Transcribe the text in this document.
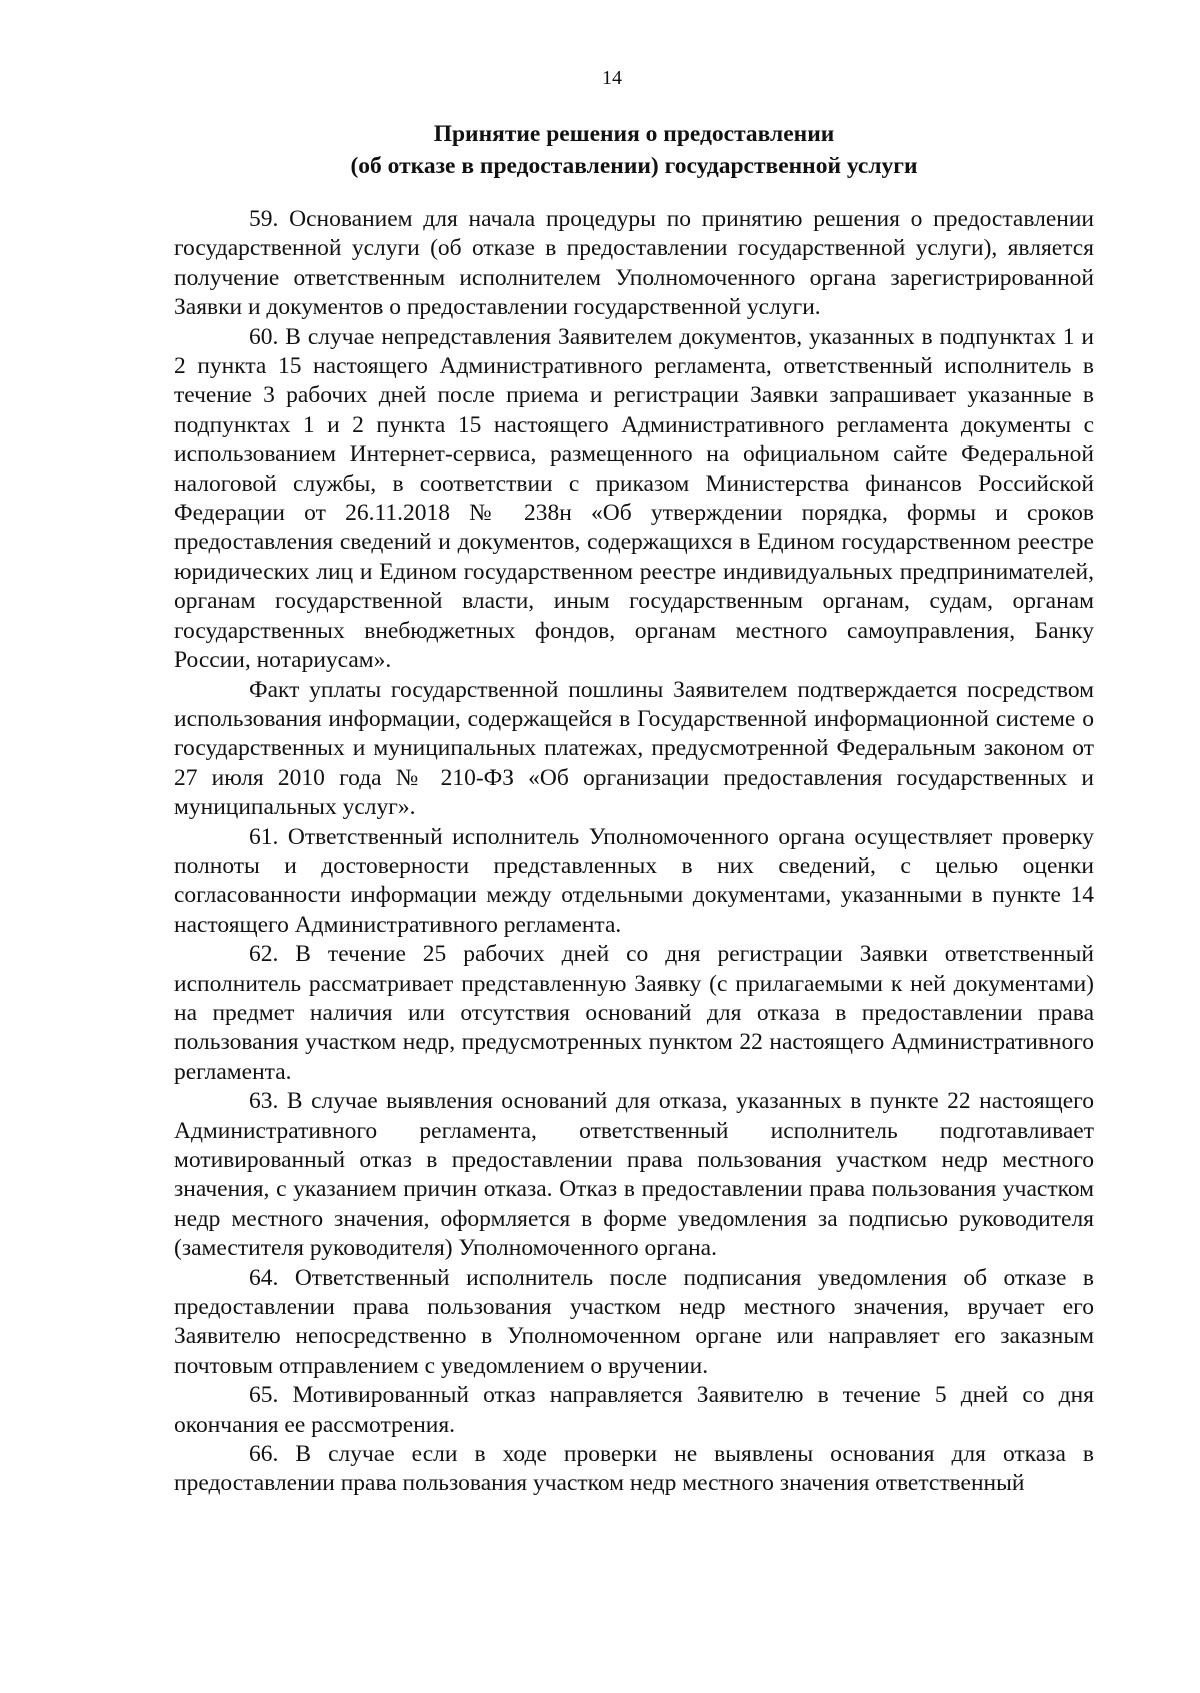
14
Принятие решения о предоставлении
(об отказе в предоставлении) государственной услуги

59. Основанием для начала процедуры по принятию решения о предоставлении государственной услуги (об отказе в предоставлении государственной услуги), является получение ответственным исполнителем Уполномоченного органа зарегистрированной Заявки и документов о предоставлении государственной услуги.

60. В случае непредставления Заявителем документов, указанных в подпунктах 1 и 2 пункта 15 настоящего Административного регламента, ответственный исполнитель в течение 3 рабочих дней после приема и регистрации Заявки запрашивает указанные в подпунктах 1 и 2 пункта 15 настоящего Административного регламента документы с использованием Интернет-сервиса, размещенного на официальном сайте Федеральной налоговой службы, в соответствии с приказом Министерства финансов Российской Федерации от 26.11.2018 № 238н «Об утверждении порядка, формы и сроков предоставления сведений и документов, содержащихся в Едином государственном реестре юридических лиц и Едином государственном реестре индивидуальных предпринимателей, органам государственной власти, иным государственным органам, судам, органам государственных внебюджетных фондов, органам местного самоуправления, Банку России, нотариусам».

Факт уплаты государственной пошлины Заявителем подтверждается посредством использования информации, содержащейся в Государственной информационной системе о государственных и муниципальных платежах, предусмотренной Федеральным законом от 27 июля 2010 года № 210-ФЗ «Об организации предоставления государственных и муниципальных услуг».

61. Ответственный исполнитель Уполномоченного органа осуществляет проверку полноты и достоверности представленных в них сведений, с целью оценки согласованности информации между отдельными документами, указанными в пункте 14 настоящего Административного регламента.

62. В течение 25 рабочих дней со дня регистрации Заявки ответственный исполнитель рассматривает представленную Заявку (с прилагаемыми к ней документами) на предмет наличия или отсутствия оснований для отказа в предоставлении права пользования участком недр, предусмотренных пунктом 22 настоящего Административного регламента.

63. В случае выявления оснований для отказа, указанных в пункте 22 настоящего Административного регламента, ответственный исполнитель подготавливает мотивированный отказ в предоставлении права пользования участком недр местного значения, с указанием причин отказа. Отказ в предоставлении права пользования участком недр местного значения, оформляется в форме уведомления за подписью руководителя (заместителя руководителя) Уполномоченного органа.

64. Ответственный исполнитель после подписания уведомления об отказе в предоставлении права пользования участком недр местного значения, вручает его Заявителю непосредственно в Уполномоченном органе или направляет его заказным почтовым отправлением с уведомлением о вручении.

65. Мотивированный отказ направляется Заявителю в течение 5 дней со дня окончания ее рассмотрения.

66. В случае если в ходе проверки не выявлены основания для отказа в предоставлении права пользования участком недр местного значения ответственный
